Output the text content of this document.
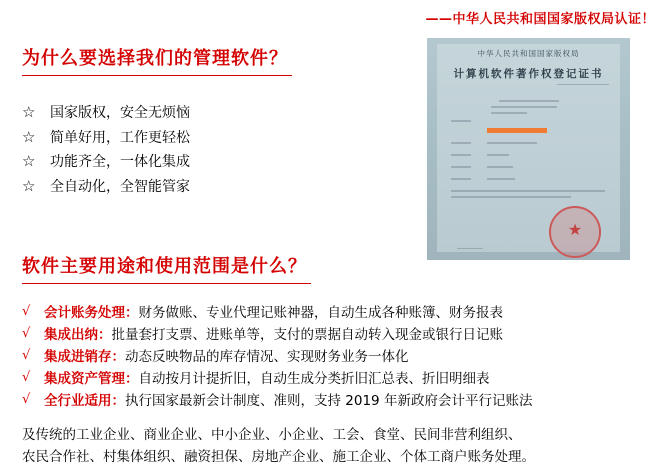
——中华人民共和国国家版权局认证！
为什么要选择我们的管理软件？
☆	国家版权，安全无烦恼
☆	简单好用，工作更轻松
☆	功能齐全，一体化集成
☆	全自动化，全智能管家
中华人民共和国国家版权局
计算机软件著作权登记证书
★
软件主要用途和使用范围是什么？
√	会计账务处理： 财务做账、专业代理记账神器，自动生成各种账簿、财务报表
√	集成出纳： 批量套打支票、进账单等，支付的票据自动转入现金或银行日记账
√	集成进销存： 动态反映物品的库存情况、实现财务业务一体化
√	集成资产管理： 自动按月计提折旧，自动生成分类折旧汇总表、折旧明细表
√	全行业适用： 执行国家最新会计制度、准则，支持 2019 年新政府会计平行记账法

及传统的工业企业、商业企业、中小企业、小企业、工会、食堂、民间非营利组织、

农民合作社、村集体组织、融资担保、房地产企业、施工企业、个体工商户账务处理。
